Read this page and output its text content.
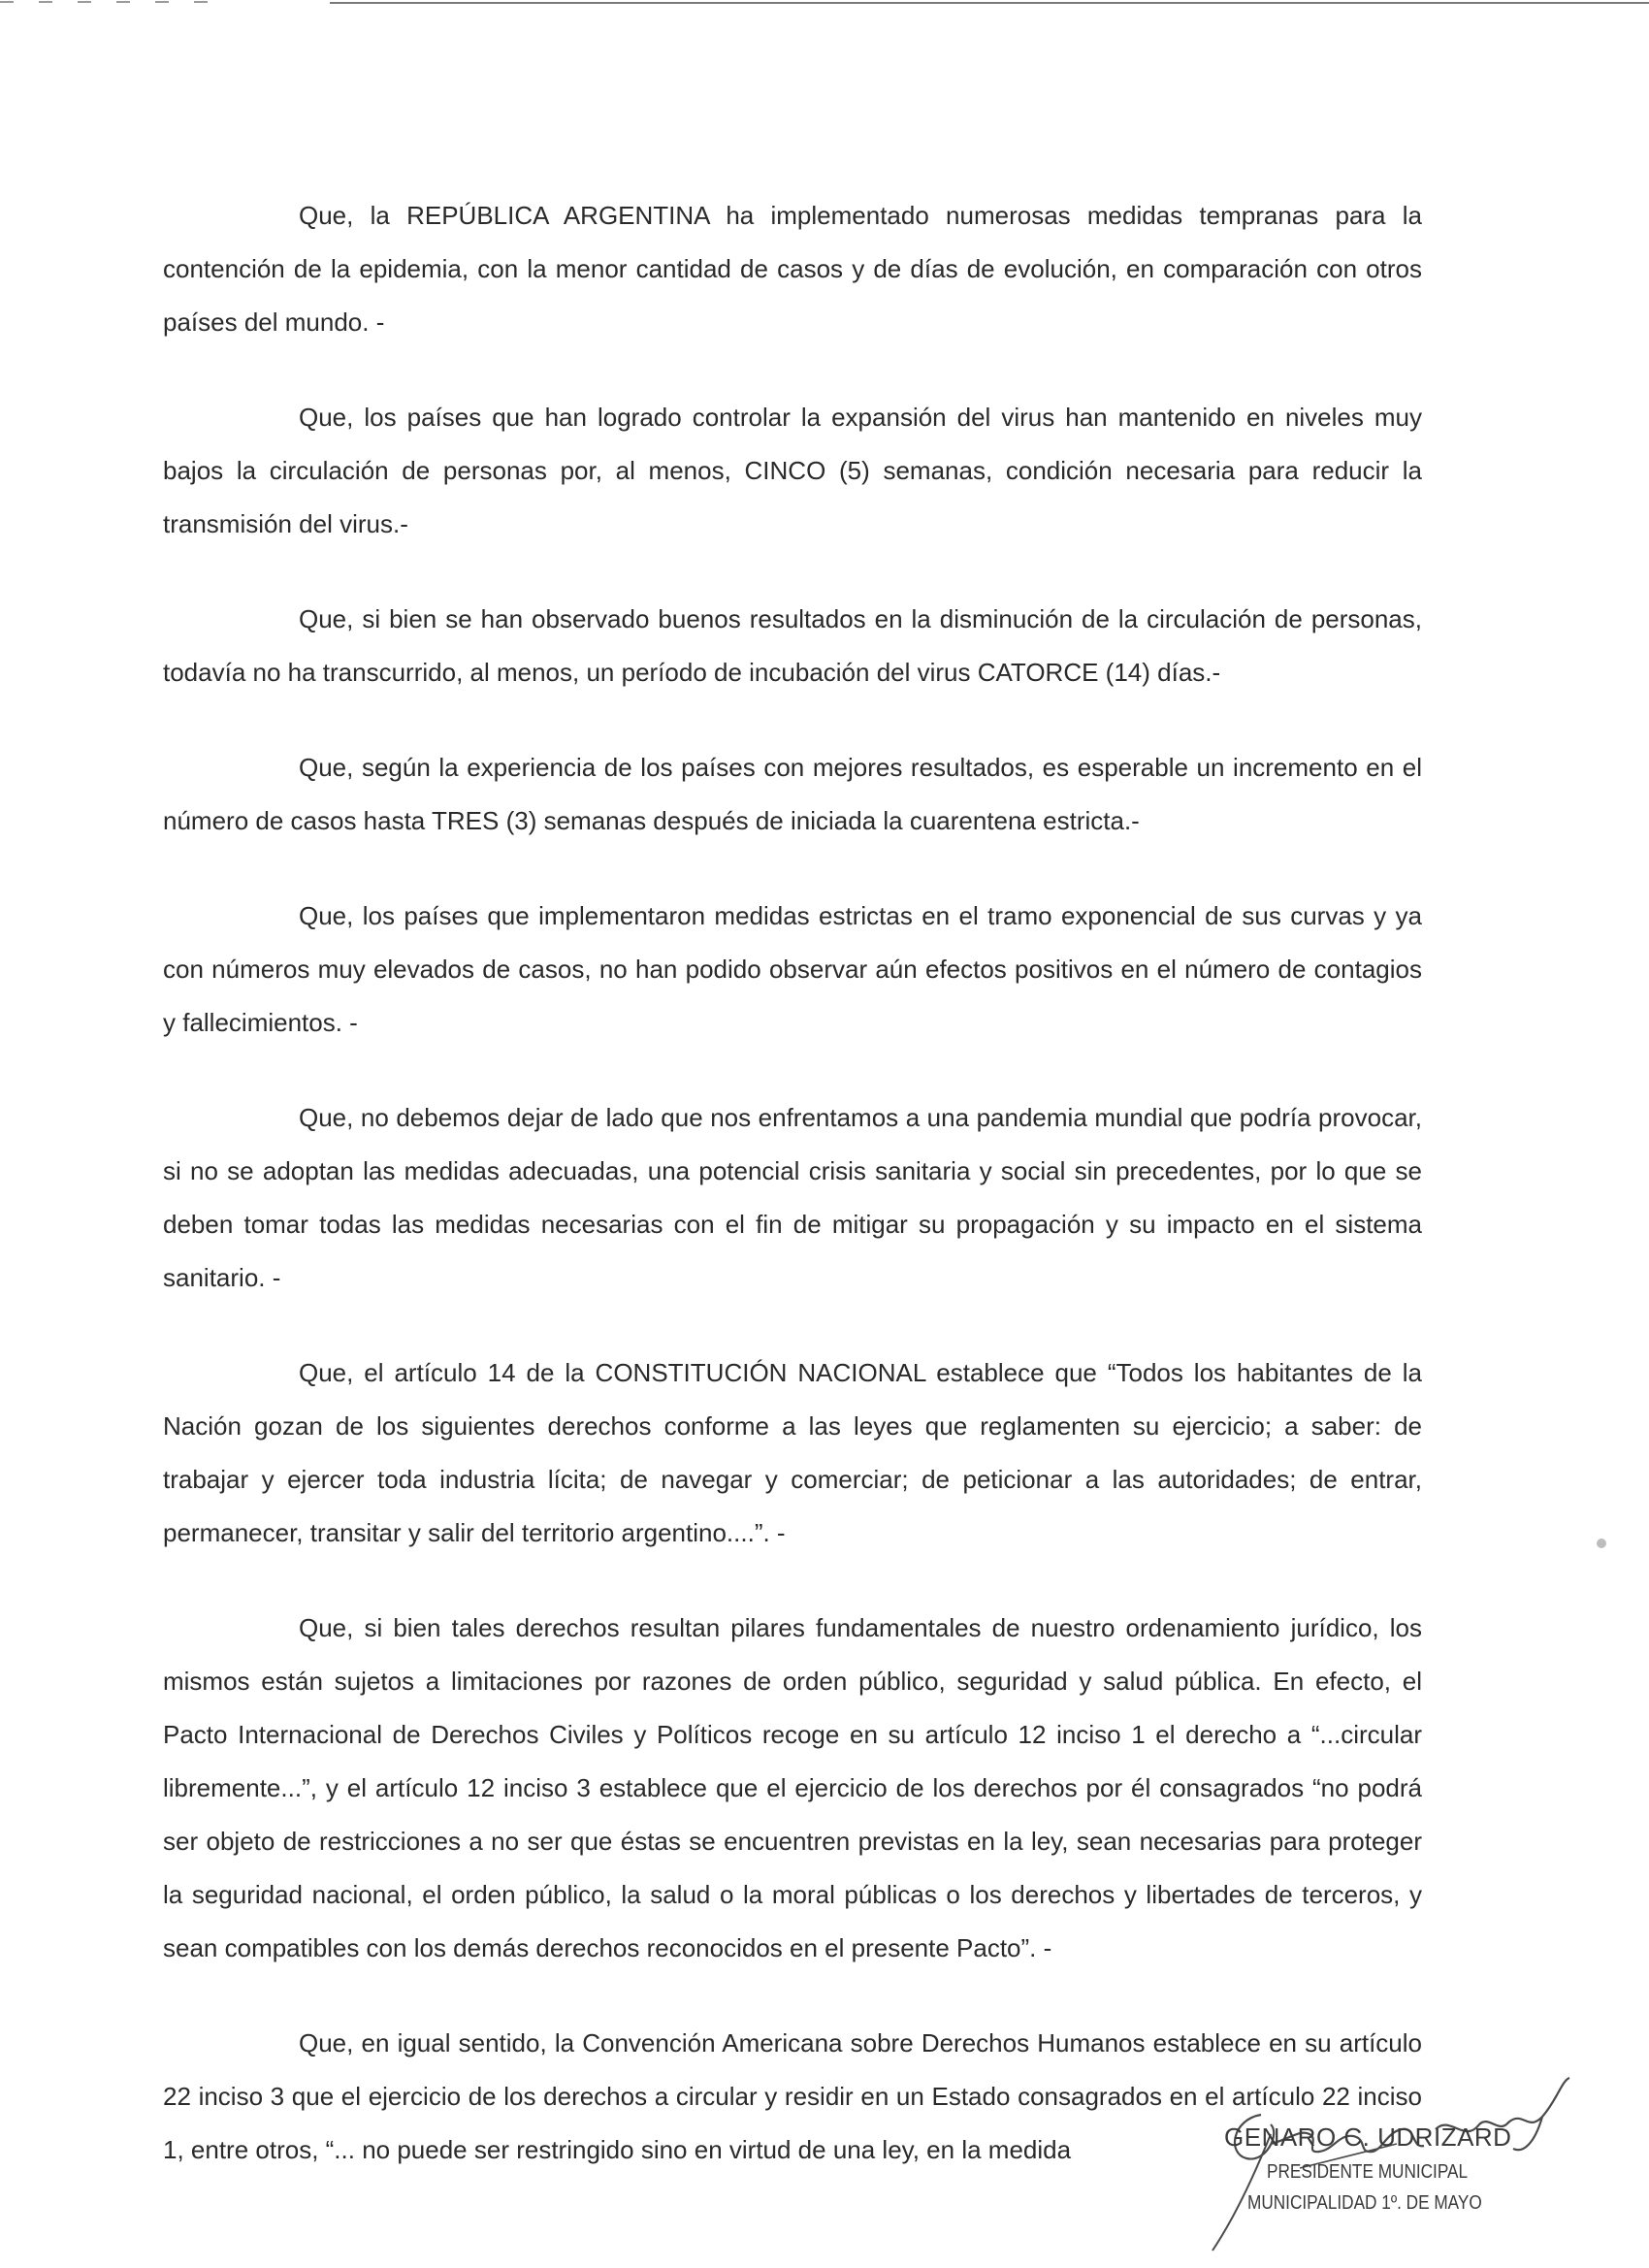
Que, la REPÚBLICA ARGENTINA ha implementado numerosas medidas tempranas para la contención de la epidemia, con la menor cantidad de casos y de días de evolución, en comparación con otros países del mundo. -

Que, los países que han logrado controlar la expansión del virus han mantenido en niveles muy bajos la circulación de personas por, al menos, CINCO (5) semanas, condición necesaria para reducir la transmisión del virus.-

Que, si bien se han observado buenos resultados en la disminución de la circulación de personas, todavía no ha transcurrido, al menos, un período de incubación del virus CATORCE (14) días.-

Que, según la experiencia de los países con mejores resultados, es esperable un incremento en el número de casos hasta TRES (3) semanas después de iniciada la cuarentena estricta.-

Que, los países que implementaron medidas estrictas en el tramo exponencial de sus curvas y ya con números muy elevados de casos, no han podido observar aún efectos positivos en el número de contagios y fallecimientos. -

Que, no debemos dejar de lado que nos enfrentamos a una pandemia mundial que podría provocar, si no se adoptan las medidas adecuadas, una potencial crisis sanitaria y social sin precedentes, por lo que se deben tomar todas las medidas necesarias con el fin de mitigar su propagación y su impacto en el sistema sanitario. -

Que, el artículo 14 de la CONSTITUCIÓN NACIONAL establece que “Todos los habitantes de la Nación gozan de los siguientes derechos conforme a las leyes que reglamenten su ejercicio; a saber: de trabajar y ejercer toda industria lícita; de navegar y comerciar; de peticionar a las autoridades; de entrar, permanecer, transitar y salir del territorio argentino....”. -

Que, si bien tales derechos resultan pilares fundamentales de nuestro ordenamiento jurídico, los mismos están sujetos a limitaciones por razones de orden público, seguridad y salud pública. En efecto, el Pacto Internacional de Derechos Civiles y Políticos recoge en su artículo 12 inciso 1 el derecho a “...circular libremente...”, y el artículo 12 inciso 3 establece que el ejercicio de los derechos por él consagrados “no podrá ser objeto de restricciones a no ser que éstas se encuentren previstas en la ley, sean necesarias para proteger la seguridad nacional, el orden público, la salud o la moral públicas o los derechos y libertades de terceros, y sean compatibles con los demás derechos reconocidos en el presente Pacto”. -

Que, en igual sentido, la Convención Americana sobre Derechos Humanos establece en su artículo 22 inciso 3 que el ejercicio de los derechos a circular y residir en un Estado consagrados en el artículo 22 inciso 1, entre otros, “... no puede ser restringido sino en virtud de una ley, en la medida	GENARO C. UDRIZARD
PRESIDENTE MUNICIPAL
MUNICIPALIDAD 1º. DE MAYO
